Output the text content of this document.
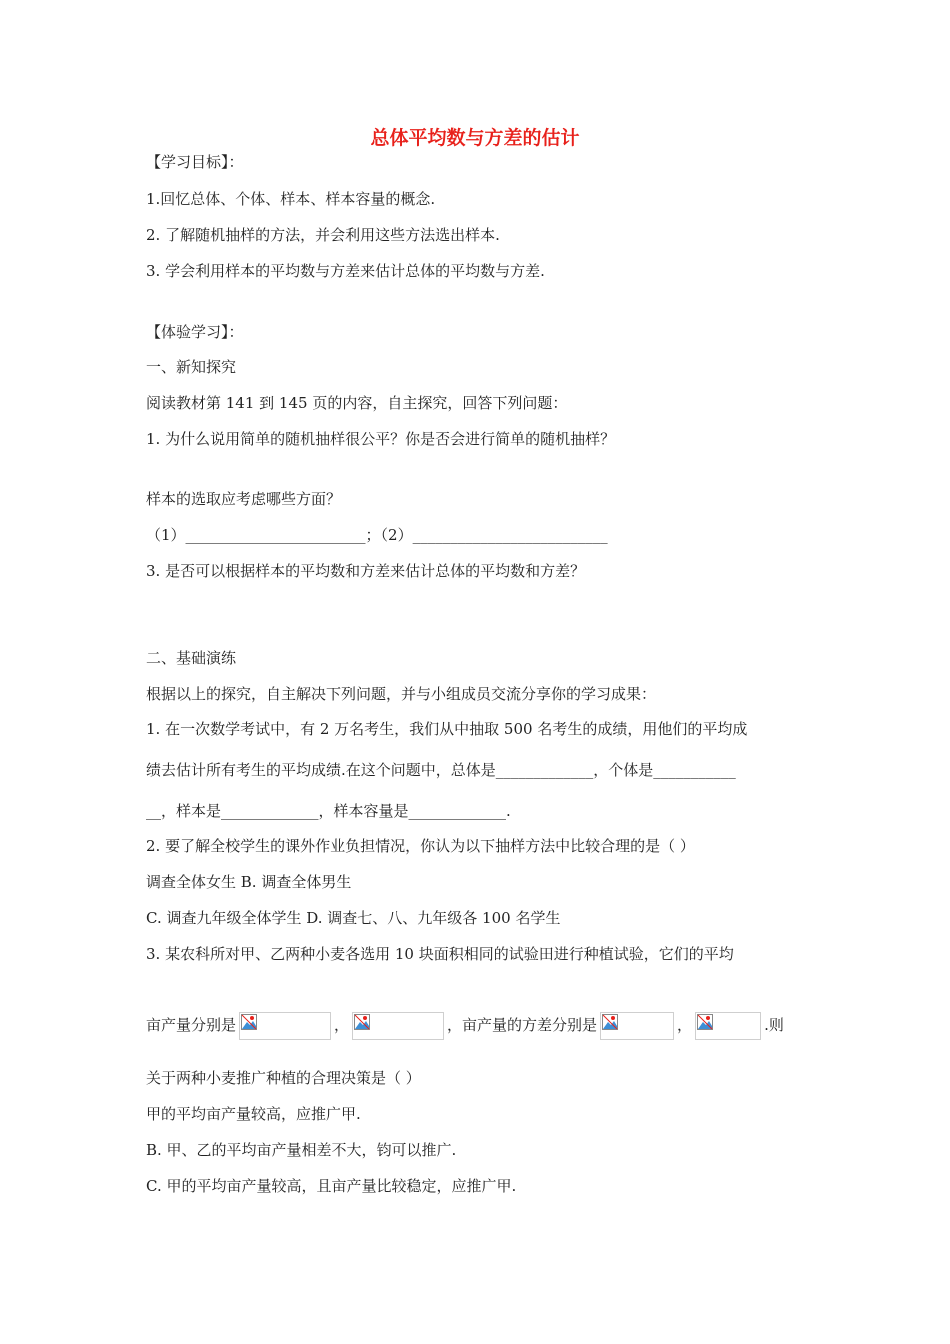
总体平均数与方差的估计
【学习目标】：
1.回忆总体、个体、样本、样本容量的概念.
2. 了解随机抽样的方法，并会利用这些方法选出样本.
3. 学会利用样本的平均数与方差来估计总体的平均数与方差.
【体验学习】：
一、新知探究
阅读教材第 141 到 145 页的内容，自主探究，回答下列问题：
1. 为什么说用简单的随机抽样很公平？你是否会进行简单的随机抽样？
样本的选取应考虑哪些方面？
（1）________________________；（2）__________________________
3. 是否可以根据样本的平均数和方差来估计总体的平均数和方差？
二、基础演练
根据以上的探究，自主解决下列问题，并与小组成员交流分享你的学习成果：
1. 在一次数学考试中，有 2 万名考生，我们从中抽取 500 名考生的成绩，用他们的平均成
绩去估计所有考生的平均成绩.在这个问题中，总体是_____________，个体是___________
__，样本是_____________，样本容量是_____________.
2. 要了解全校学生的课外作业负担情况，你认为以下抽样方法中比较合理的是（ ）
调查全体女生 B. 调查全体男生
C. 调查九年级全体学生 D. 调查七、八、九年级各 100 名学生
3. 某农科所对甲、乙两种小麦各选用 10 块面积相同的试验田进行种植试验，它们的平均
亩产量分别是	，	，亩产量的方差分别是	，	.则
关于两种小麦推广种植的合理决策是（ ）
甲的平均亩产量较高，应推广甲.
B. 甲、乙的平均亩产量相差不大，钧可以推广.
C. 甲的平均亩产量较高，且亩产量比较稳定，应推广甲.
